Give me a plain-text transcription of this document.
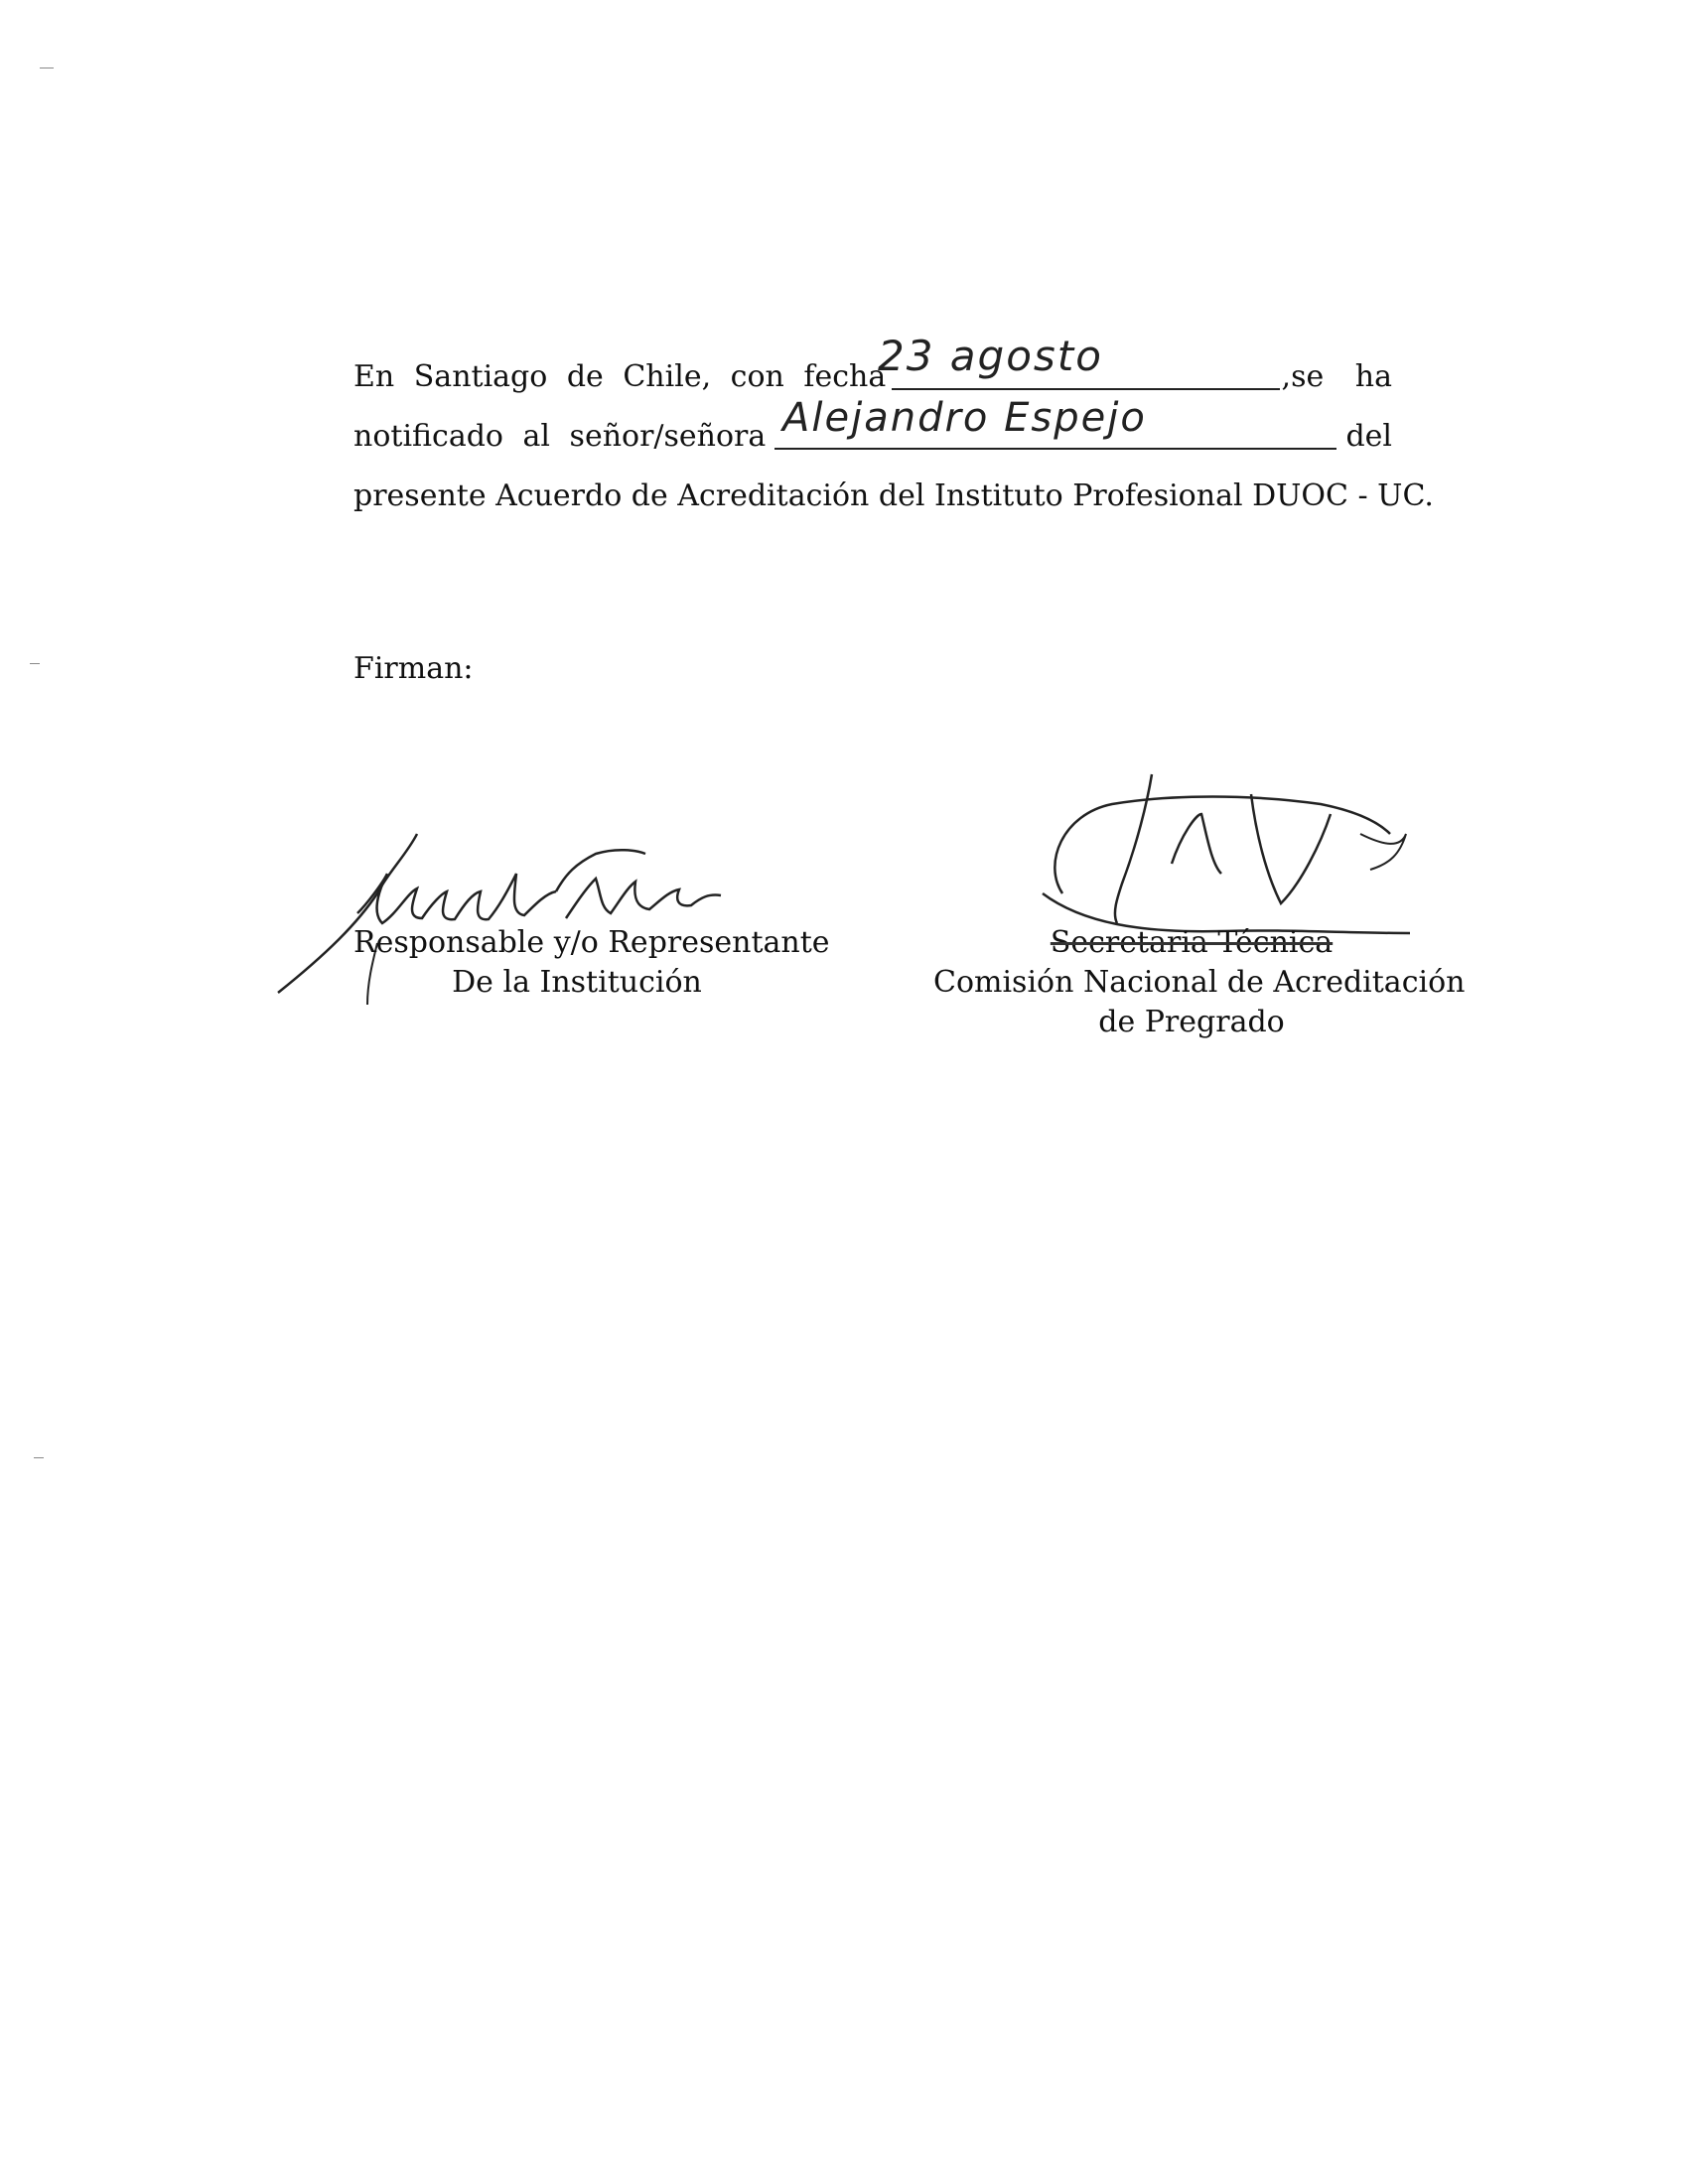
En Santiago de Chile, con fecha	, se ha
notificado al señor/señora	del
presente Acuerdo de Acreditación del Instituto Profesional DUOC - UC.
23 agosto
Alejandro Espejo
Firman:
Responsable y/o Representante
De la Institución
Secretaria Técnica
Comisión Nacional de Acreditación
de Pregrado
